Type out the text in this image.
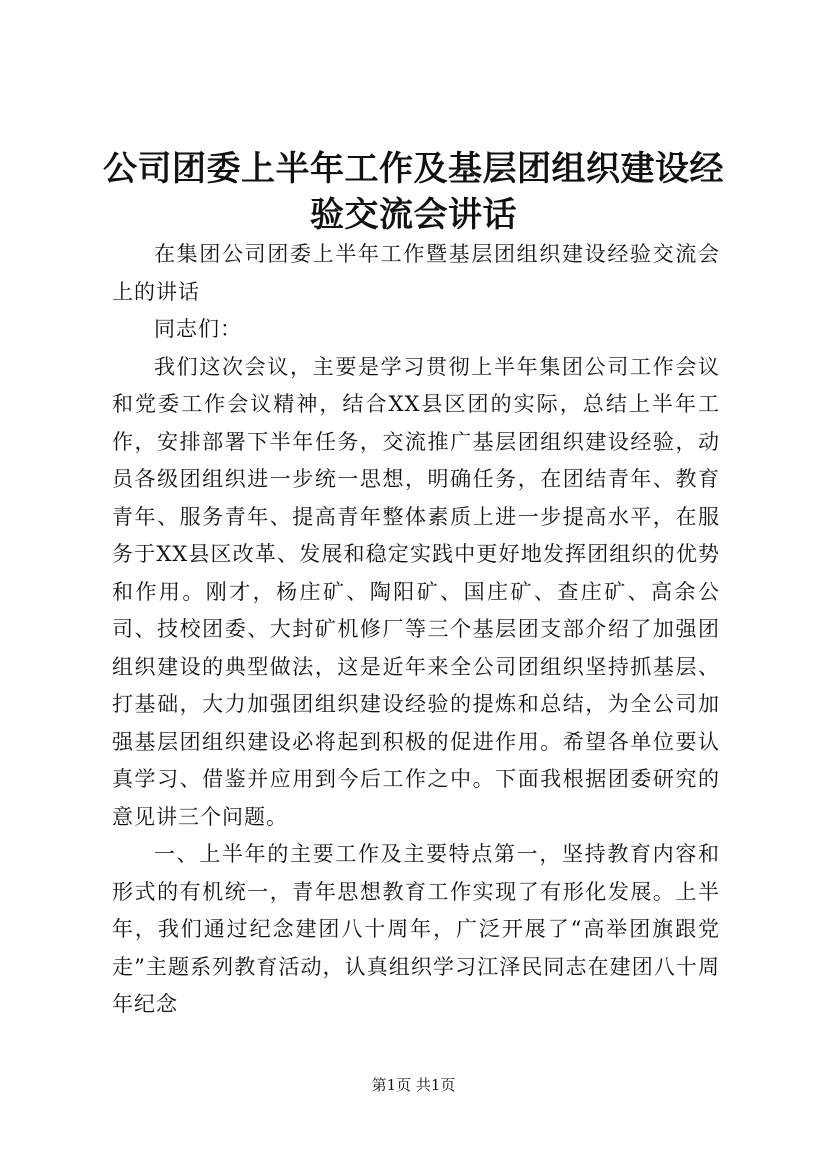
公司团委上半年工作及基层团组织建设经验交流会讲话

在集团公司团委上半年工作暨基层团组织建设经验交流会上的讲话

同志们：

我们这次会议，主要是学习贯彻上半年集团公司工作会议和党委工作会议精神，结合XX县区团的实际，总结上半年工作，安排部署下半年任务，交流推广基层团组织建设经验，动员各级团组织进一步统一思想，明确任务，在团结青年、教育青年、服务青年、提高青年整体素质上进一步提高水平，在服务于XX县区改革、发展和稳定实践中更好地发挥团组织的优势和作用。刚才，杨庄矿、陶阳矿、国庄矿、查庄矿、高余公司、技校团委、大封矿机修厂等三个基层团支部介绍了加强团组织建设的典型做法，这是近年来全公司团组织坚持抓基层、打基础，大力加强团组织建设经验的提炼和总结，为全公司加强基层团组织建设必将起到积极的促进作用。希望各单位要认真学习、借鉴并应用到今后工作之中。下面我根据团委研究的意见讲三个问题。

一、上半年的主要工作及主要特点第一，坚持教育内容和形式的有机统一，青年思想教育工作实现了有形化发展。上半年，我们通过纪念建团八十周年，广泛开展了“高举团旗跟党走”主题系列教育活动，认真组织学习江泽民同志在建团八十周年纪念

第1页 共1页
